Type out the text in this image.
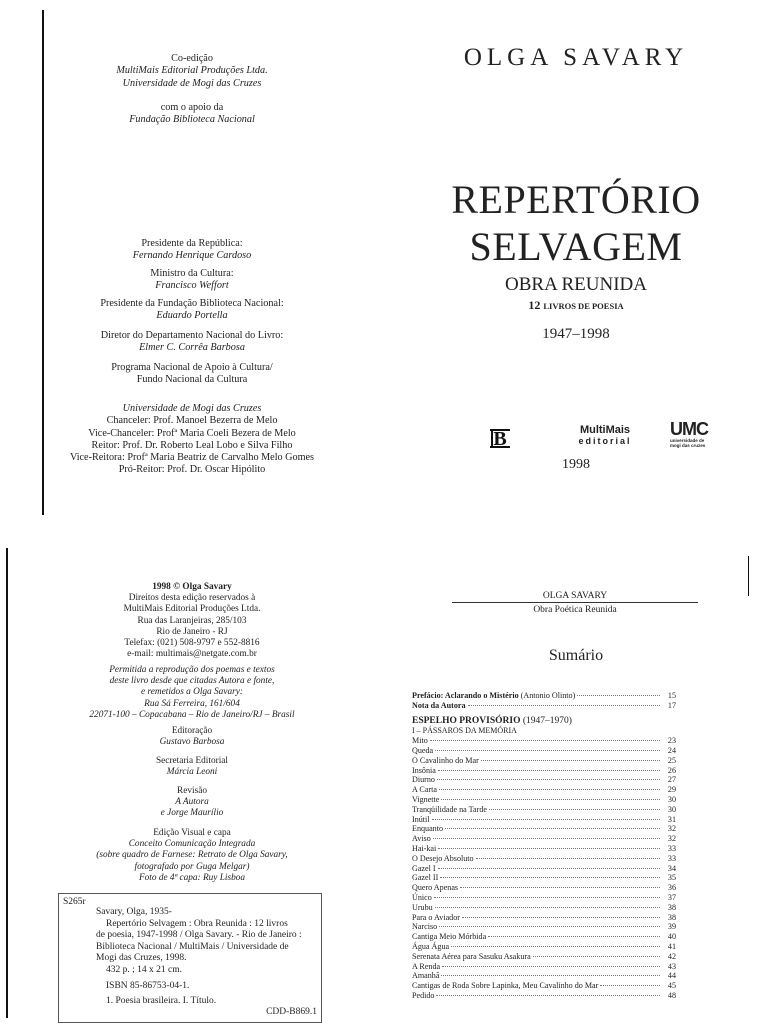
Co-edição
MultiMais Editorial Produções Ltda.
Universidade de Mogi das Cruzes
com o apoio da
Fundação Biblioteca Nacional
Presidente da República:
Fernando Henrique Cardoso
Ministro da Cultura:
Francisco Weffort
Presidente da Fundação Biblioteca Nacional:
Eduardo Portella
Diretor do Departamento Nacional do Livro:
Elmer C. Corrêa Barbosa
Programa Nacional de Apoio à Cultura/
Fundo Nacional da Cultura
Universidade de Mogi das Cruzes
Chanceler: Prof. Manoel Bezerra de Melo
Vice-Chanceler: Profª Maria Coeli Bezera de Melo
Reitor: Prof. Dr. Roberto Leal Lobo e Silva Filho
Vice-Reitora: Profª Maria Beatriz de Carvalho Melo Gomes
Pró-Reitor: Prof. Dr. Oscar Hipólito
OLGA SAVARY
REPERTÓRIO
SELVAGEM
OBRA REUNIDA
12 LIVROS DE POESIA
1947–1998
B	MultiMais
editorial
UMC
universidade de mogi das cruzes
1998
1998 © Olga Savary
Direitos desta edição reservados à
MultiMais Editorial Produções Ltda.
Rua das Laranjeiras, 285/103
Rio de Janeiro - RJ
Telefax: (021) 508-9797 e 552-8816
e-mail: multimais@netgate.com.br
Permitida a reprodução dos poemas e textos
deste livro desde que citadas Autora e fonte,
e remetidos a Olga Savary:
Rua Sá Ferreira, 161/604
22071-100 – Copacabana – Rio de Janeiro/RJ – Brasil
Editoração
Gustavo Barbosa
Secretaria Editorial
Márcia Leoni
Revisão
A Autora
e Jorge Maurílio
Edição Visual e capa
Conceito Comunicação Integrada
(sobre quadro de Farnese: Retrato de Olga Savary,
fotografado por Guga Melgar)
Foto de 4ª capa: Ruy Lisboa
S265r
Savary, Olga, 1935-
Repertório Selvagem : Obra Reunida : 12 livros
de poesia, 1947-1998 / Olga Savary. - Rio de Janeiro :
Biblioteca Nacional / MultiMais / Universidade de
Mogi das Cruzes, 1998.
432 p. ; 14 x 21 cm.
ISBN 85-86753-04-1.
1. Poesia brasileira. I. Título.
CDD-B869.1
OLGA SAVARY
Obra Poética Reunida
Sumário
Prefácio: Aclarando o Mistério (Antonio Olinto)	15
Nota da Autora	17
ESPELHO PROVISÓRIO (1947–1970)
I – PÁSSAROS DA MEMÓRIA
Mito	23
Queda	24
O Cavalinho do Mar	25
Insônia	26
Diurno	27
A Carta	29
Vignette	30
Tranqüilidade na Tarde	30
Inútil	31
Enquanto	32
Aviso	32
Hai-kai	33
O Desejo Absoluto	33
Gazel I	34
Gazel II	35
Quero Apenas	36
Único	37
Urubu	38
Para o Aviador	38
Narciso	39
Cantiga Meio Mórbida	40
Água Água	41
Serenata Aérea para Sasuku Asakura	42
A Renda	43
Amanhã	44
Cantigas de Roda Sobre Lapinka, Meu Cavalinho do Mar	45
Pedido	48
